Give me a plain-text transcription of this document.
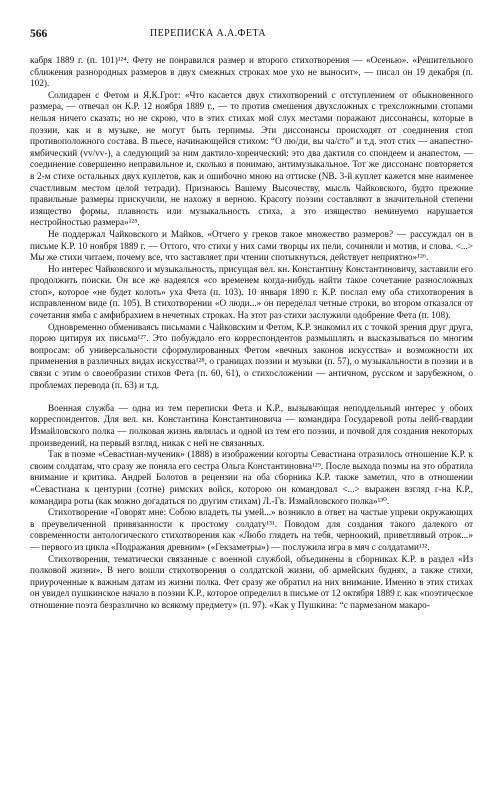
566	ПЕРЕПИСКА А.А.ФЕТА

кабря 1889 г. (п. 101)¹²⁴. Фету не понравился размер и второго стихотворения — «Осенью». «Решительного сближения разнородных размеров в двух смежных строках мое ухо не выносит», — писал он 19 декабря (п. 102).

Солидарен с Фетом и Я.К.Грот: «Что касается двух стихотворений с отступлением от обыкновенного размера, — отвечал он К.Р. 12 ноября 1889 г., — то против смешения двухсложных с трехсложными стопами нельзя ничего сказать; но не скрою, что в этих стихах мой слух местами поражают диссонансы, которые в поэзии, как и в музыке, не могут быть терпимы. Эти диссонансы происходят от соединения стоп противоположного состава. В пьесе, начинающейся стихом: “О лю/ди, вы ча/сто” и т.д. этот стих — анапестно-ямбический (vv/vv-), а следующий за ним дактило-хореический: это два дактиля со спондеем и анапестом, — соединение совершенно неправильное и, сколько я понимаю, антимузыкальное. Тот же диссонанс повторяется в 2-м стихе остальных двух куплетов, как и ошибочно мною на оттиске (NB. 3-й куплет кажется мне наименее счастливым местом целой тетради). Признаюсь Вашему Высочеству, мысль Чайковского, будто прежние правильные размеры прискучили, не нахожу я верною. Красоту поэзии составляют в значительной степени изящество формы, плавность или музыкальность стиха, а это изящество неминуемо нарушается нестройностью размера»¹²⁵.

Не поддержал Чайковского и Майков. «Отчего у греков такое множество размеров? — рассуждал он в письме К.Р. 10 ноября 1889 г. — Оттого, что стихи у них сами творцы их пели, сочиняли и мотив, и слова. <...> Мы же стихи читаем, почему все, что заставляет при чтении спотыкнуться, действует неприятно»¹²⁶.

Но интерес Чайковского и музыкальность, присущая вел. кн. Константину Константиновичу, заставили его продолжить поиски. Он все же надеялся «со временем когда-нибудь найти такое сочетание разносложных стоп», которое «не будет колоть» уха Фета (п. 103). 10 января 1890 г. К.Р. послал ему оба стихотворения в исправленном виде (п. 105). В стихотворении «О люди...» он переделал четные строки, во втором отказался от сочетания ямба с амфибрахием в нечетных строках. На этот раз стихи заслужили одобрение Фета (п. 108).

Одновременно обмениваясь письмами с Чайковским и Фетом, К.Р. знакомил их с точкой зрения друг друга, порою цитируя их письма¹²⁷. Это побуждало его корреспондентов размышлять и высказываться по многим вопросам: об универсальности сформулированных Фетом «вечных законов искусства» и возможности их применения в различных видах искусства¹²⁸, о границах поэзии и музыки (п. 57), о музыкальности в поэзии и в связи с этим о своеобразии стихов Фета (п. 60, 61), о стихосложении — античном, русском и зарубежном, о проблемах перевода (п. 63) и т.д.

Военная служба — одна из тем переписки Фета и К.Р., вызывающая неподдельный интерес у обоих корреспондентов. Для вел. кн. Константина Константиновича — командира Государевой роты лейб-гвардии Измайловского полка — полковая жизнь являлась и одной из тем его поэзии, и почвой для создания некоторых произведений, на первый взгляд, никак с ней не связанных.

Так в поэме «Севастиан-мученик» (1888) в изображении когорты Севастиана отразилось отношение К.Р. к своим солдатам, что сразу же поняла его сестра Ольга Константиновна¹²⁹. После выхода поэмы на это обратила внимание и критика. Андрей Болотов в рецензии на оба сборника К.Р. также заметил, что в отношении «Севастиана к центурии (сотне) римских войск, которою он командовал <...> выражен взгляд г-на К.Р., командира роты (как можно догадаться по другим стихам) Л.-Гв. Измайловского полка»¹³⁰.

Стихотворение «Говорят мне: Собою владеть ты умей...» возникло в ответ на частые упреки окружающих в преувеличенной привязанности к простому солдату¹³¹. Поводом для создания такого далекого от современности антологического стихотворения как «Любо глядеть на тебя, черноокий, приветливый отрок...» — первого из цикла «Подражания древним» («Гекзаметры») — послужила игра в мяч с солдатами¹³².

Стихотворения, тематически связанные с военной службой, объединены в сборниках К.Р. в раздел «Из полковой жизни». В него вошли стихотворения о солдатской жизни, об армейских буднях, а также стихи, приуроченные к важным датам из жизни полка. Фет сразу же обратил на них внимание. Именно в этих стихах он увидел пушкинское начало в поэзии К.Р., которое определил в письме от 12 октября 1889 г. как «поэтическое отношение поэта безразлично ко всякому предмету» (п. 97). «Как у Пушкина: “с пармезаном макаро-
